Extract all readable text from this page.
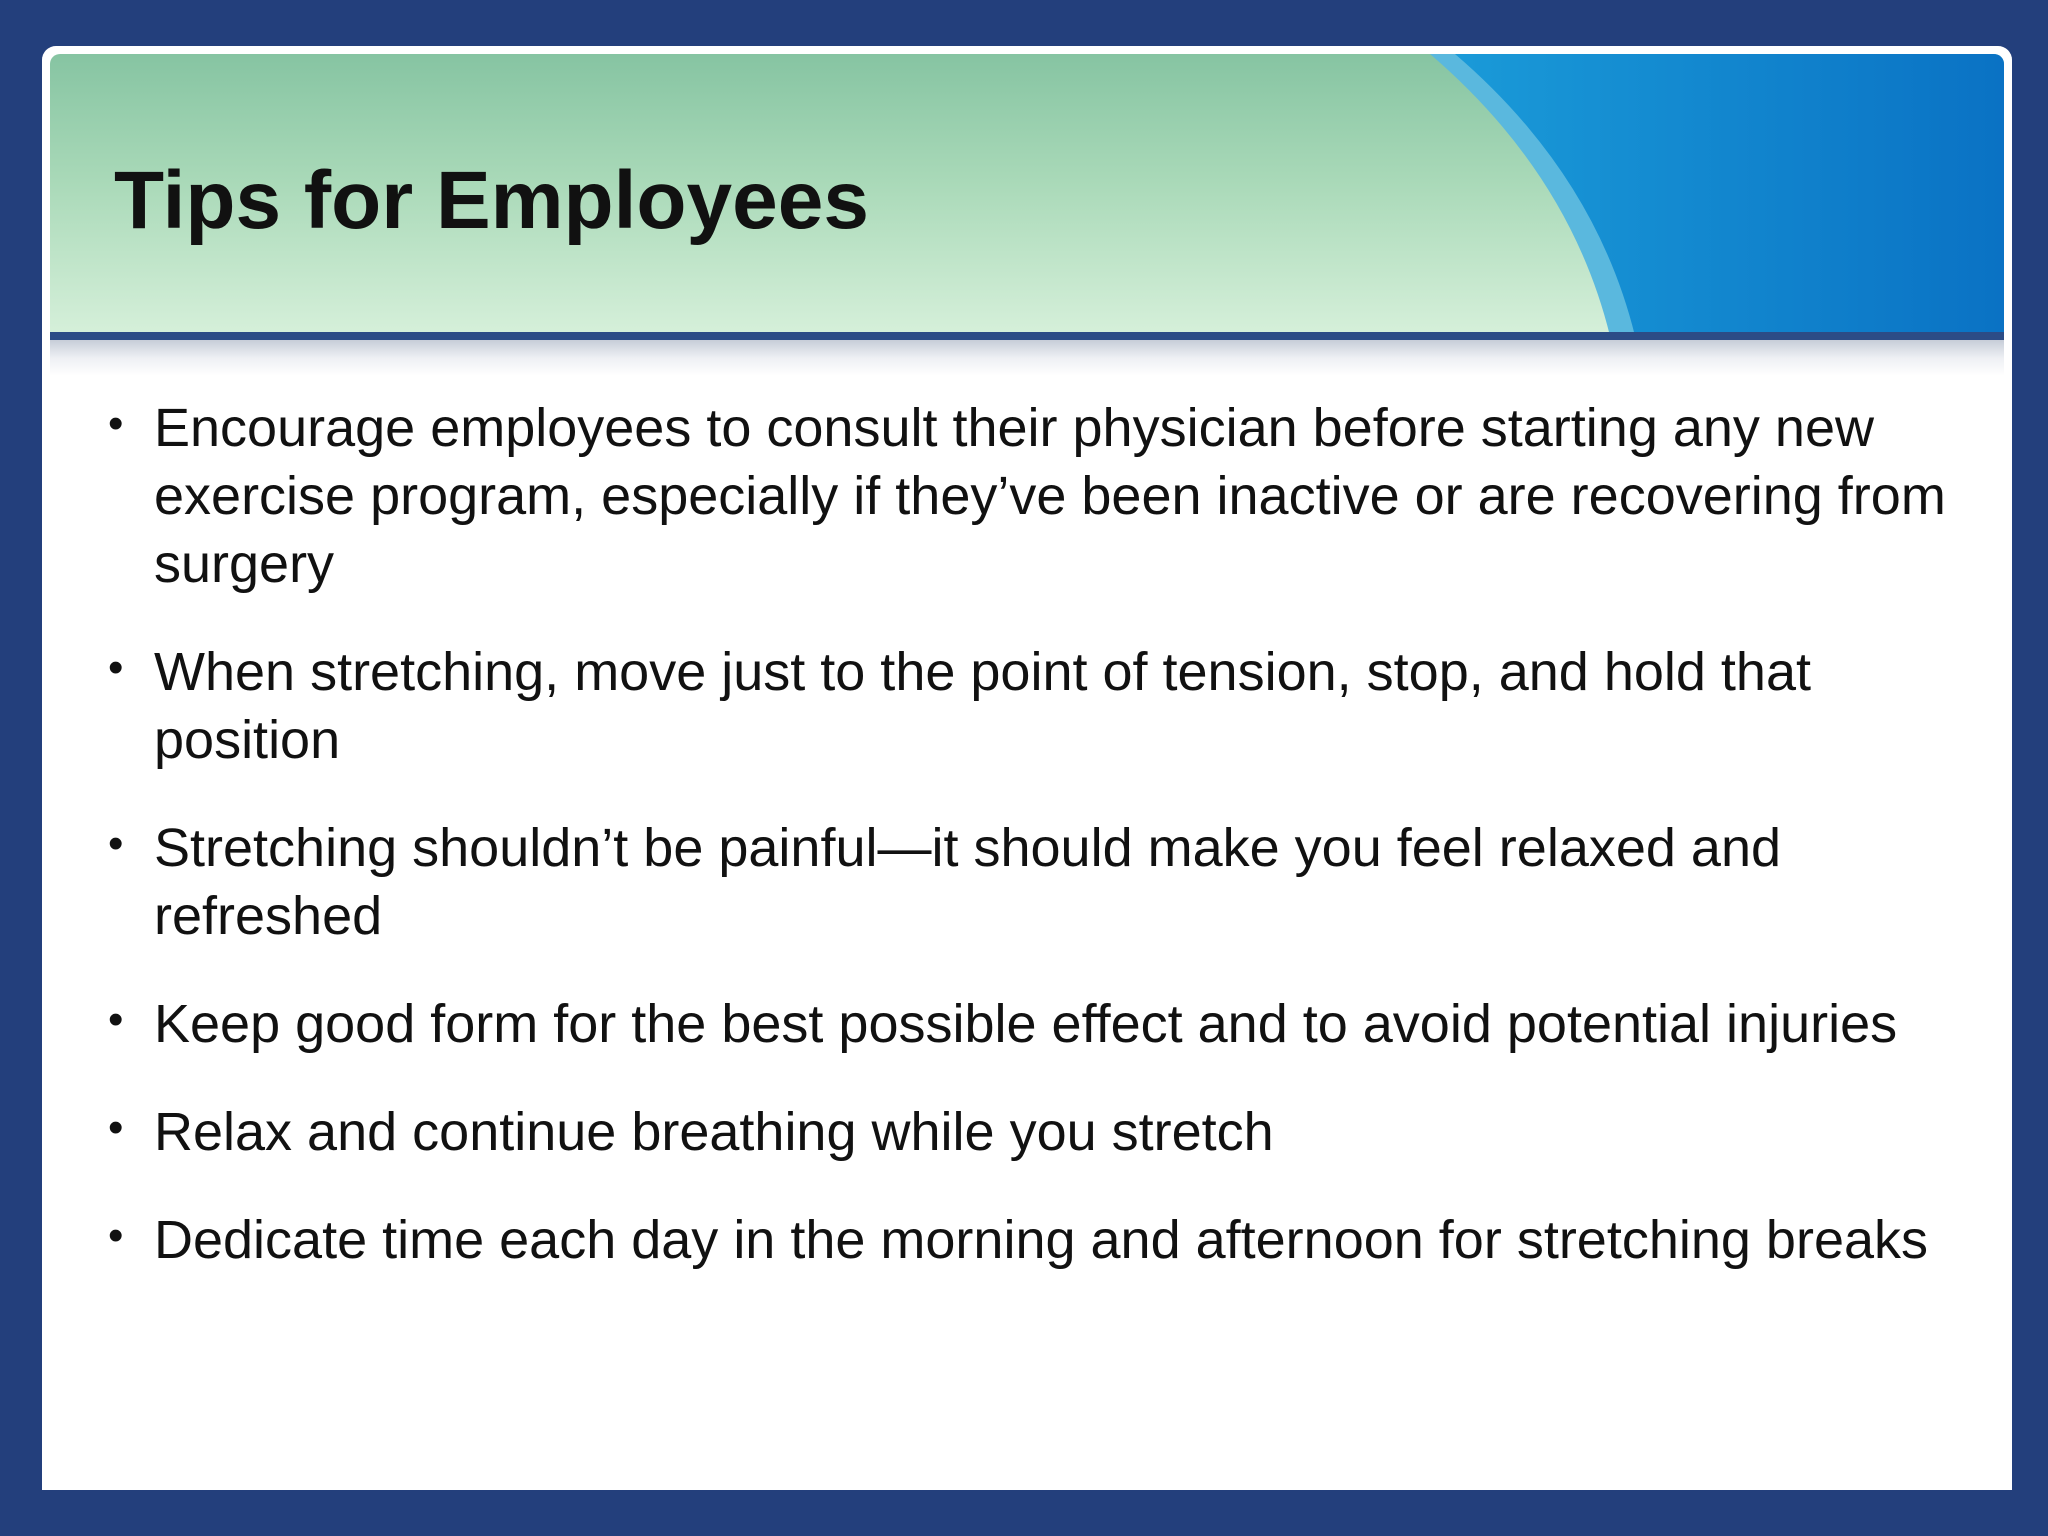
Tips for Employees
• Encourage employees to consult their physician before starting any new exercise program, especially if they’ve been inactive or are recovering from surgery
• When stretching, move just to the point of tension, stop, and hold that position
• Stretching shouldn’t be painful—it should make you feel relaxed and refreshed
• Keep good form for the best possible effect and to avoid potential injuries
• Relax and continue breathing while you stretch
• Dedicate time each day in the morning and afternoon for stretching breaks
